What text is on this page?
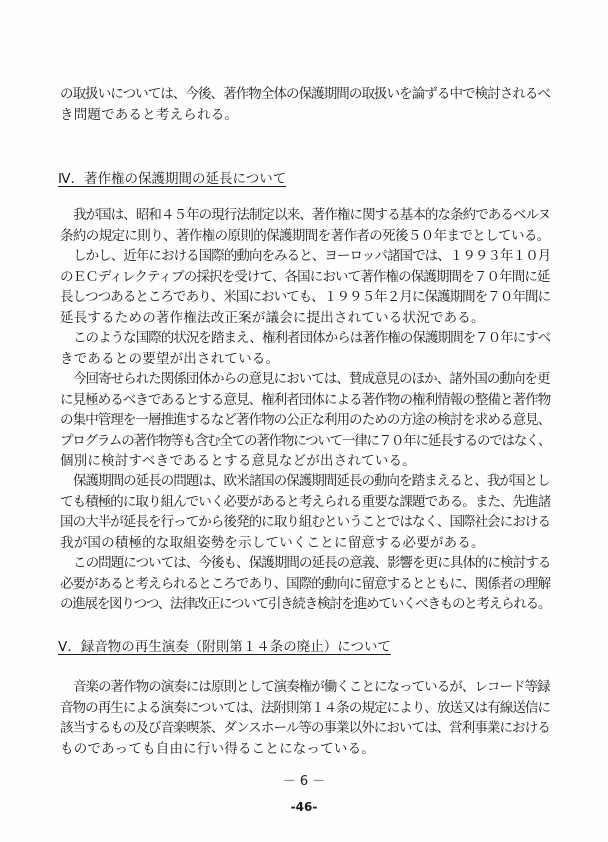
の取扱いについては、今後、著作物全体の保護期間の取扱いを論ずる中で検討されるべ
き問題であると考えられる。
Ⅳ．著作権の保護期間の延長について
我が国は、昭和４５年の現行法制定以来、著作権に関する基本的な条約であるベルヌ
条約の規定に則り、著作権の原則的保護期間を著作者の死後５０年までとしている。
しかし、近年における国際的動向をみると、ヨーロッパ諸国では、１９９３年１０月
のＥＣディレクティブの採択を受けて、各国において著作権の保護期間を７０年間に延
長しつつあるところであり、米国においても、１９９５年２月に保護期間を７０年間に
延長するための著作権法改正案が議会に提出されている状況である。
このような国際的状況を踏まえ、権利者団体からは著作権の保護期間を７０年にすべ
きであるとの要望が出されている。
今回寄せられた関係団体からの意見においては、賛成意見のほか、諸外国の動向を更
に見極めるべきであるとする意見、権利者団体による著作物の権利情報の整備と著作物
の集中管理を一層推進するなど著作物の公正な利用のための方途の検討を求める意見、
プログラムの著作物等も含む全ての著作物について一律に７０年に延長するのではなく、
個別に検討すべきであるとする意見などが出されている。
保護期間の延長の問題は、欧米諸国の保護期間延長の動向を踏まえると、我が国とし
ても積極的に取り組んでいく必要があると考えられる重要な課題である。また、先進諸
国の大半が延長を行ってから後発的に取り組むということではなく、国際社会における
我が国の積極的な取組姿勢を示していくことに留意する必要がある。
この問題については、今後も、保護期間の延長の意義、影響を更に具体的に検討する
必要があると考えられるところであり、国際的動向に留意するとともに、関係者の理解
の進展を図りつつ、法律改正について引き続き検討を進めていくべきものと考えられる。
Ⅴ．録音物の再生演奏（附則第１４条の廃止）について
音楽の著作物の演奏には原則として演奏権が働くことになっているが、レコード等録
音物の再生による演奏については、法附則第１４条の規定により、放送又は有線送信に
該当するもの及び音楽喫茶、ダンスホール等の事業以外においては、営利事業における
ものであっても自由に行い得ることになっている。
－ 6 －
-46-
